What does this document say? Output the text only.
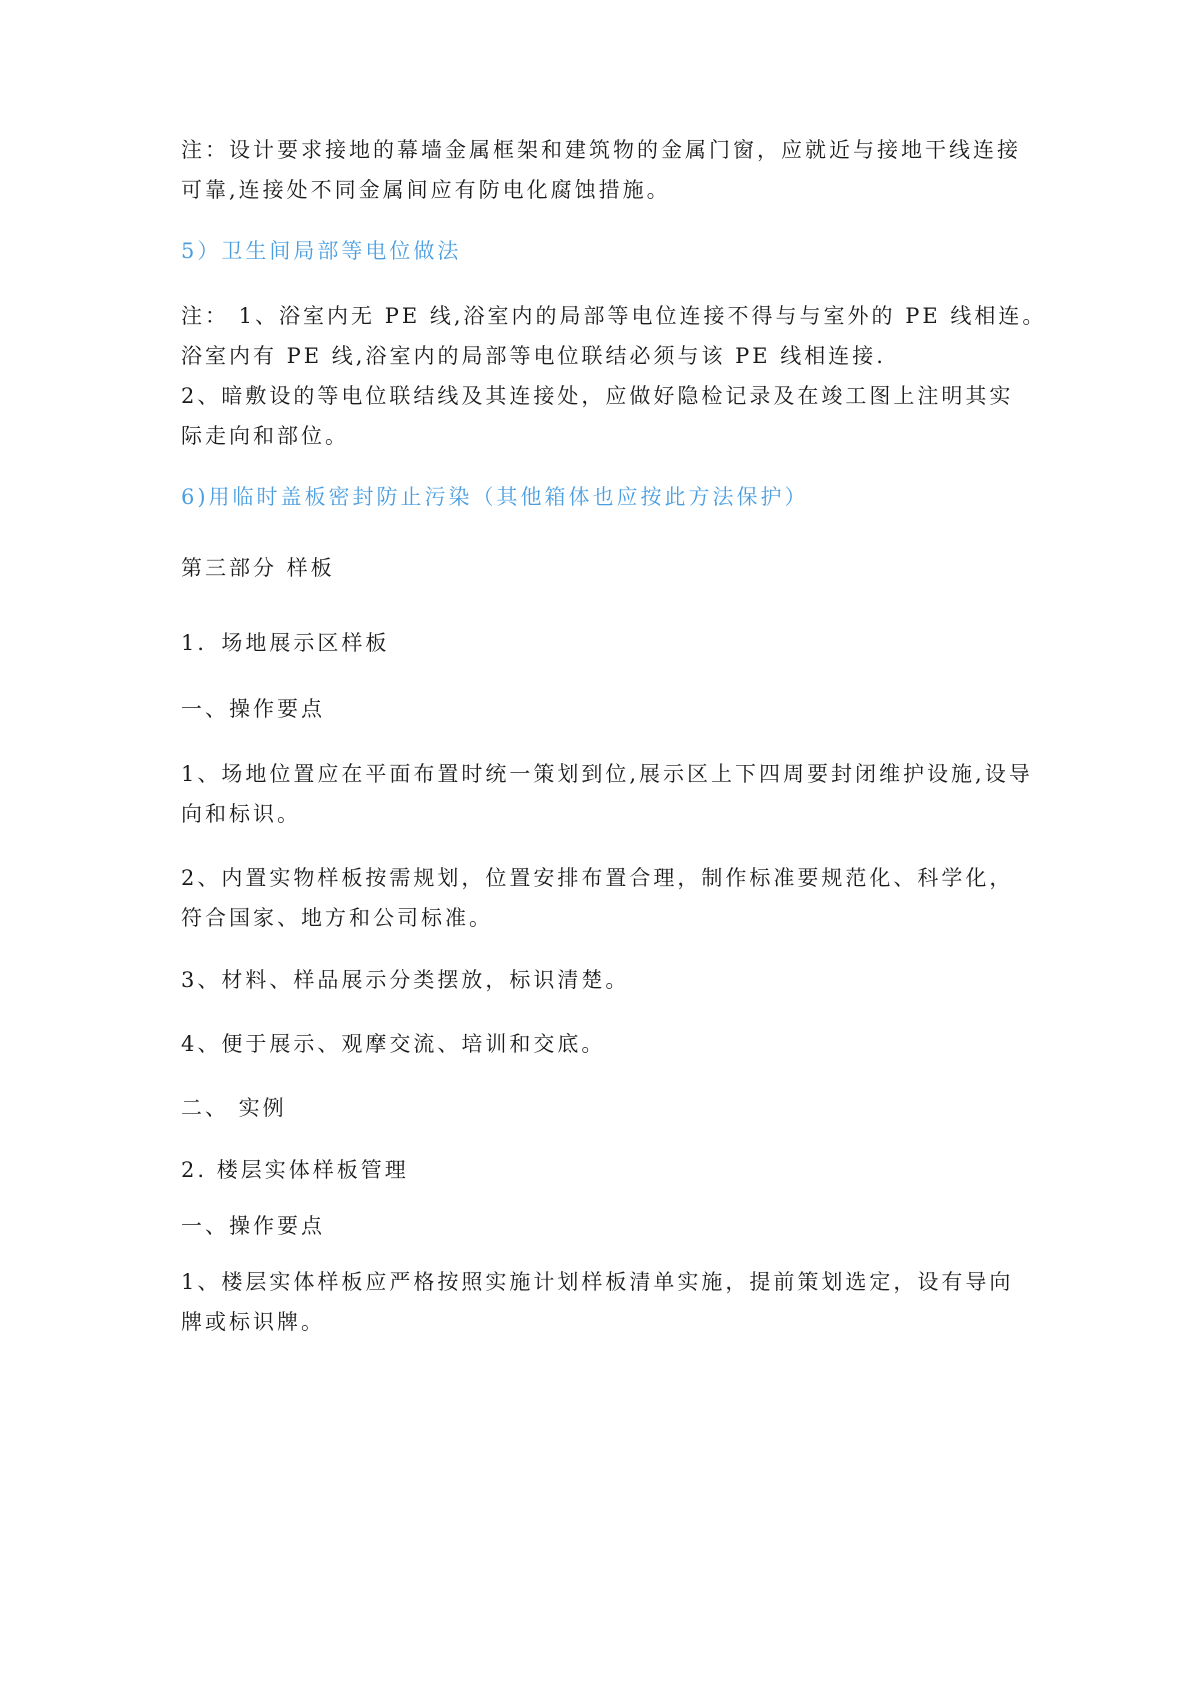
注：设计要求接地的幕墙金属框架和建筑物的金属门窗，应就近与接地干线连接
可靠,连接处不同金属间应有防电化腐蚀措施。

5）卫生间局部等电位做法

注： 1、浴室内无 PE 线,浴室内的局部等电位连接不得与与室外的 PE 线相连。
浴室内有 PE 线,浴室内的局部等电位联结必须与该 PE 线相连接.
2、暗敷设的等电位联结线及其连接处，应做好隐检记录及在竣工图上注明其实
际走向和部位。

6)用临时盖板密封防止污染（其他箱体也应按此方法保护）

第三部分 样板

1．场地展示区样板

一、操作要点

1、场地位置应在平面布置时统一策划到位,展示区上下四周要封闭维护设施,设导
向和标识。

2、内置实物样板按需规划，位置安排布置合理，制作标准要规范化、科学化，
符合国家、地方和公司标准。

3、材料、样品展示分类摆放，标识清楚。

4、便于展示、观摩交流、培训和交底。

二、 实例

2. 楼层实体样板管理

一、操作要点

1、楼层实体样板应严格按照实施计划样板清单实施，提前策划选定，设有导向
牌或标识牌。
